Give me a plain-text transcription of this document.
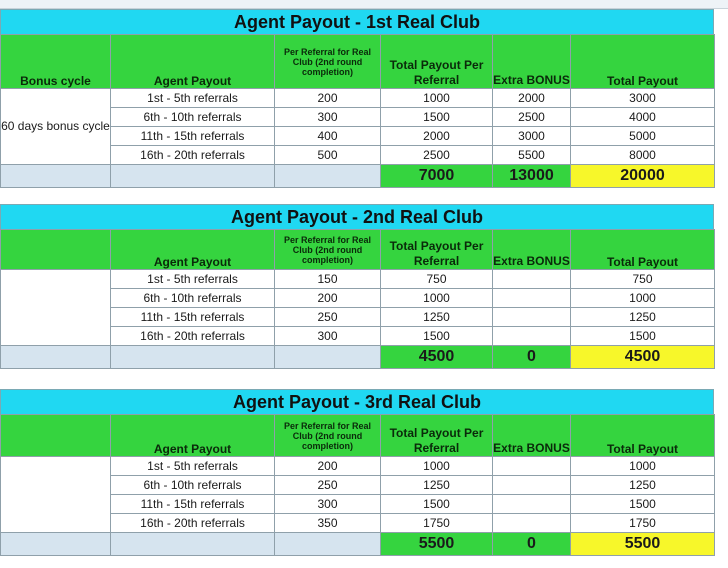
Agent Payout - 1st Real Club
Bonus cycle	Agent Payout	Per Referral for Real Club (2nd round completion)	Total Payout Per Referral	Extra BONUS	Total Payout
60 days bonus cycle	1st - 5th referrals	200	1000	2000	3000
	6th - 10th referrals	300	1500	2500	4000
	11th - 15th referrals	400	2000	3000	5000
	16th - 20th referrals	500	2500	5500	8000
			7000	13000	20000
Agent Payout - 2nd Real Club
	Agent Payout	Per Referral for Real Club (2nd round completion)	Total Payout Per Referral	Extra BONUS	Total Payout
	1st - 5th referrals	150	750		750
	6th - 10th referrals	200	1000		1000
	11th - 15th referrals	250	1250		1250
	16th - 20th referrals	300	1500		1500
			4500	0	4500
Agent Payout - 3rd Real Club
	Agent Payout	Per Referral for Real Club (2nd round completion)	Total Payout Per Referral	Extra BONUS	Total Payout
	1st - 5th referrals	200	1000		1000
	6th - 10th referrals	250	1250		1250
	11th - 15th referrals	300	1500		1500
	16th - 20th referrals	350	1750		1750
			5500	0	5500
